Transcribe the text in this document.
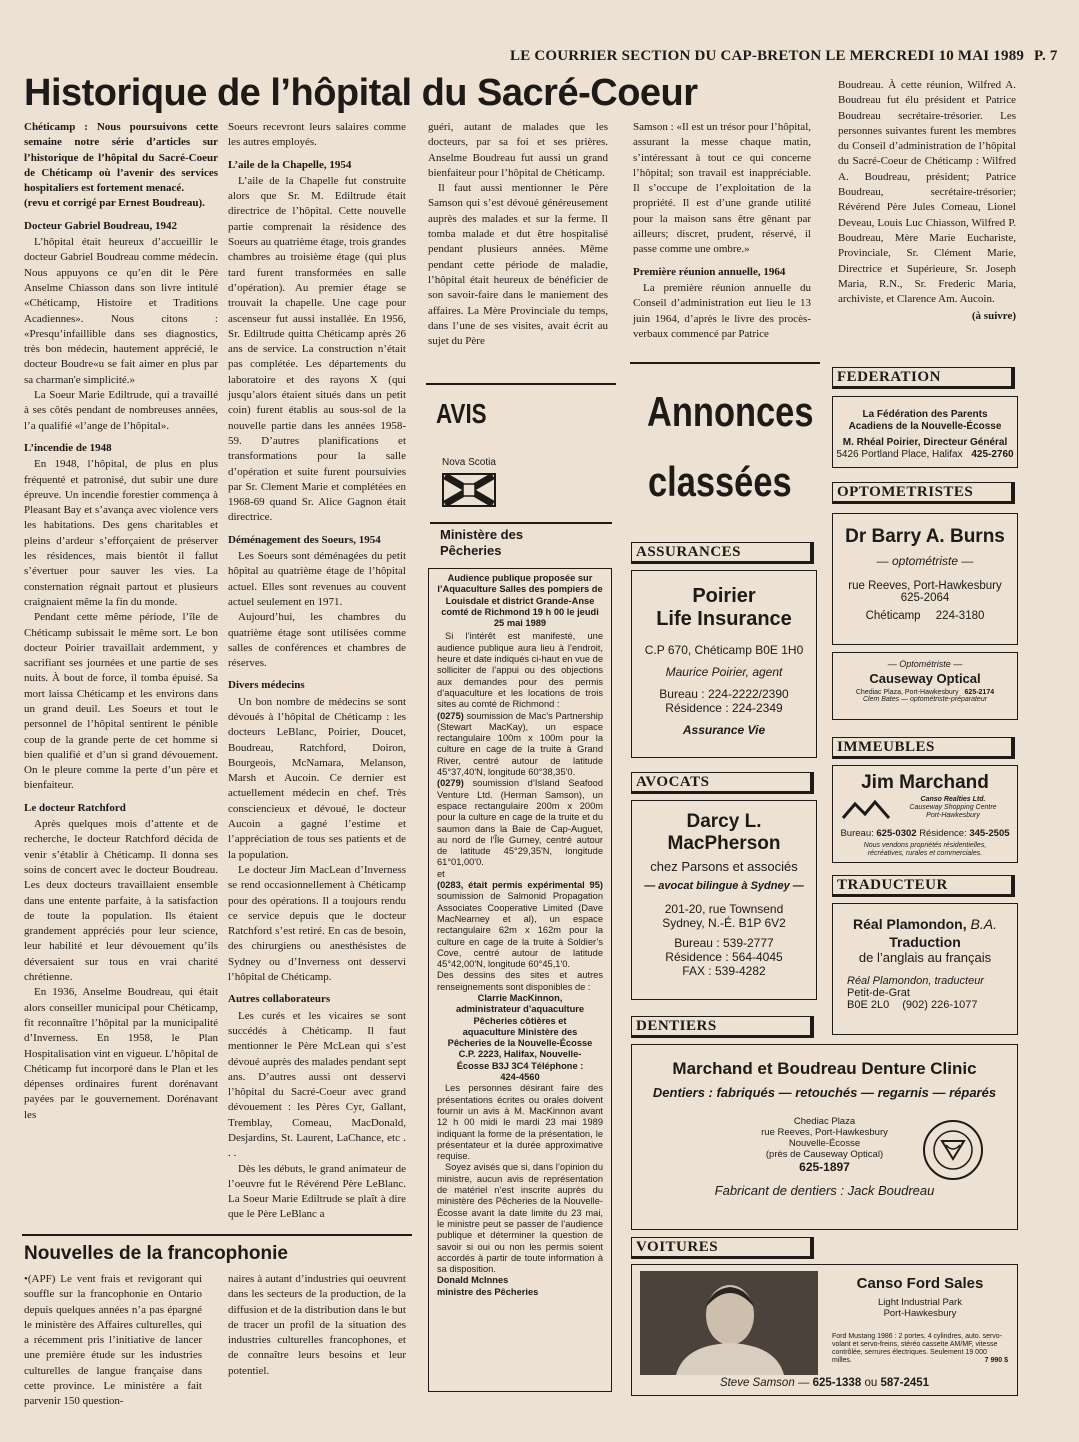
LE COURRIER SECTION DU CAP-BRETON LE MERCREDI 10 MAI 1989 P. 7
Historique de l’hôpital du Sacré-Coeur

Chéticamp : Nous poursuivons cette semaine notre série d’articles sur l’historique de l’hôpital du Sacré-Coeur de Chéticamp où l’avenir des services hospitaliers est fortement menacé.

(revu et corrigé par Ernest Boudreau).

Docteur Gabriel Boudreau, 1942

L’hôpital était heureux d’accueillir le docteur Gabriel Boudreau comme médecin. Nous appuyons ce qu’en dit le Père Anselme Chiasson dans son livre intitulé «Chéticamp, Histoire et Traditions Acadiennes». Nous citons : «Presqu’infaillible dans ses diagnostics, très bon médecin, hautement apprécié, le docteur Boudre«u se fait aimer en plus par sa charman'e simplicité.»

La Soeur Marie Ediltrude, qui a travaillé à ses côtés pendant de nombreuses années, l’a qualifié «l’ange de l’hôpital».

L’incendie de 1948

En 1948, l’hôpital, de plus en plus fréquenté et patronisé, dut subir une dure épreuve. Un incendie forestier commença à Pleasant Bay et s’avança avec violence vers les habitations. Des gens charitables et pleins d’ardeur s’efforçaient de préserver les résidences, mais bientôt il fallut s’évertuer pour sauver les vies. La consternation régnait partout et plusieurs craignaient même la fin du monde.

Pendant cette même période, l’île de Chéticamp subissait le même sort. Le bon docteur Poirier travaillait ardemment, y sacrifiant ses journées et une partie de ses nuits. À bout de force, il tomba épuisé. Sa mort laissa Chéticamp et les environs dans un grand deuil. Les Soeurs et tout le personnel de l’hôpital sentirent le pénible coup de la grande perte de cet homme si bien qualifié et d’un si grand dévouement. On le pleure comme la perte d’un père et bienfaiteur.

Le docteur Ratchford

Après quelques mois d’attente et de recherche, le docteur Ratchford décida de venir s’établir à Chéticamp. Il donna ses soins de concert avec le docteur Boudreau. Les deux docteurs travaillaient ensemble dans une entente parfaite, à la satisfaction de toute la population. Ils étaient grandement appréciés pour leur science, leur habilité et leur dévouement qu’ils déversaient sur tous en vrai charité chrétienne.

En 1936, Anselme Boudreau, qui était alors conseiller municipal pour Chéticamp, fit reconnaître l’hôpital par la municipalité d’Inverness. En 1958, le Plan Hospitalisation vint en vigueur. L’hôpital de Chéticamp fut incorporé dans le Plan et les dépenses ordinaires furent dorénavant payées par le gouvernement. Dorénavant les

Soeurs recevront leurs salaires comme les autres employés.

L’aile de la Chapelle, 1954

L’aile de la Chapelle fut construite alors que Sr. M. Ediltrude était directrice de l’hôpital. Cette nouvelle partie comprenait la résidence des Soeurs au quatrième étage, trois grandes chambres au troisième étage (qui plus tard furent transformées en salle d’opération). Au premier étage se trouvait la chapelle. Une cage pour ascenseur fut aussi installée. En 1956, Sr. Ediltrude quitta Chéticamp après 26 ans de service. La construction n’était pas complétée. Les départements du laboratoire et des rayons X (qui jusqu’alors étaient situés dans un petit coin) furent établis au sous-sol de la nouvelle partie dans les années 1958-59. D’autres planifications et transformations pour la salle d’opération et suite furent poursuivies par Sr. Clement Marie et complétées en 1968-69 quand Sr. Alice Gagnon était directrice.

Déménagement des Soeurs, 1954

Les Soeurs sont déménagées du petit hôpital au quatrième étage de l’hôpital actuel. Elles sont revenues au couvent actuel seulement en 1971.

Aujourd’hui, les chambres du quatrième étage sont utilisées comme salles de conférences et chambres de réserves.

Divers médecins

Un bon nombre de médecins se sont dévoués à l’hôpital de Chéticamp : les docteurs LeBlanc, Poirier, Doucet, Boudreau, Ratchford, Doiron, Bourgeois, McNamara, Melanson, Marsh et Aucoin. Ce dernier est actuellement médecin en chef. Très consciencieux et dévoué, le docteur Aucoin a gagné l’estime et l’appréciation de tous ses patients et de la population.

Le docteur Jim MacLean d’Inverness se rend occasionnellement à Chéticamp pour des opérations. Il a toujours rendu ce service depuis que le docteur Ratchford s’est retiré. En cas de besoin, des chirurgiens ou anesthésistes de Sydney ou d’Inverness ont desservi l’hôpital de Chéticamp.

Autres collaborateurs

Les curés et les vicaires se sont succédés à Chéticamp. Il faut mentionner le Père McLean qui s’est dévoué auprès des malades pendant sept ans. D’autres aussi ont desservi l’hôpital du Sacré-Coeur avec grand dévouement : les Pères Cyr, Gallant, Tremblay, Comeau, MacDonald, Desjardins, St. Laurent, LaChance, etc . . .

Dès les débuts, le grand animateur de l’oeuvre fut le Révérend Père LeBlanc. La Soeur Marie Ediltrude se plaît à dire que le Père LeBlanc a

guéri, autant de malades que les docteurs, par sa foi et ses prières. Anselme Boudreau fut aussi un grand bienfaiteur pour l’hôpital de Chéticamp.

Il faut aussi mentionner le Père Samson qui s’est dévoué généreusement auprès des malades et sur la ferme. Il tomba malade et dut être hospitalisé pendant plusieurs années. Même pendant cette période de maladie, l’hôpital était heureux de bénéficier de son savoir-faire dans le maniement des affaires. La Mère Provinciale du temps, dans l’une de ses visites, avait écrit au sujet du Père

Samson : «Il est un trésor pour l’hôpital, assurant la messe chaque matin, s’intéressant à tout ce qui concerne l’hôpital; son travail est inappréciable. Il s’occupe de l’exploitation de la propriété. Il est d’une grande utilité pour la maison sans être gênant par ailleurs; discret, prudent, réservé, il passe comme une ombre.»

Première réunion annuelle, 1964

La première réunion annuelle du Conseil d’administration eut lieu le 13 juin 1964, d’après le livre des procès-verbaux commencé par Patrice

Boudreau. À cette réunion, Wilfred A. Boudreau fut élu président et Patrice Boudreau secrétaire-trésorier. Les personnes suivantes furent les membres du Conseil d’administration de l’hôpital du Sacré-Coeur de Chéticamp : Wilfred A. Boudreau, président; Patrice Boudreau, secrétaire-trésorier; Révérend Père Jules Comeau, Lionel Deveau, Louis Luc Chiasson, Wilfred P. Boudreau, Mère Marie Euchariste, Provinciale, Sr. Clément Marie, Directrice et Supérieure, Sr. Joseph Maria, R.N., Sr. Frederic Maria, archiviste, et Clarence Am. Aucoin.

(à suivre)

Nouvelles de la francophonie

•(APF) Le vent frais et revigorant qui souffle sur la francophonie en Ontario depuis quelques années n’a pas épargné le ministère des Affaires culturelles, qui a récemment pris l’initiative de lancer une première étude sur les industries culturelles de langue française dans cette province. Le ministère a fait parvenir 150 question-

naires à autant d’industries qui oeuvrent dans les secteurs de la production, de la diffusion et de la distribution dans le but de tracer un profil de la situation des industries culturelles francophones, et de connaître leurs besoins et leur potentiel.

AVIS
Nova Scotia
Ministère des Pêcheries
Audience publique proposée sur l’Aquaculture Salles des pompiers de Louisdale et district Grande-Anse comté de Richmond 19 h 00 le jeudi 25 mai 1989
Si l’intérêt est manifesté, une audience publique aura lieu à l’endroit, heure et date indiqués ci-haut en vue de solliciter de l’appui ou des objections aux demandes pour des permis d’aquaculture et les locations de trois sites au comté de Richmond :
(0275) soumission de Mac’s Partnership (Stewart MacKay), un espace rectangulaire 100m x 100m pour la culture en cage de la truite à Grand River, centré autour de latitude 45°37,40'N, longitude 60°38,35'0.
(0279) soumission d’Island Seafood Venture Ltd. (Herman Samson), un espace rectangulaire 200m x 200m pour la culture en cage de la truite et du saumon dans la Baie de Cap-Auguet, au nord de l’Île Gurney, centré autour de latitude 45°29,35'N, longitude 61°01,00'0.
et
(0283, était permis expérimental 95) soumission de Salmonid Propagation Associates Cooperative Limited (Dave MacNearney et al), un espace rectangulaire 62m x 162m pour la culture en cage de la truite à Soldier’s Cove, centré autour de latitude 45°42,00'N, longitude 60°45,1'0.
Des dessins des sites et autres renseignements sont disponibles de :
Clarrie MacKinnon, administrateur d’aquaculture Pêcheries côtières et aquaculture Ministère des Pêcheries de la Nouvelle-Écosse C.P. 2223, Halifax, Nouvelle-Écosse B3J 3C4 Téléphone : 424-4560
Les personnes désirant faire des présentations écrites ou orales doivent fournir un avis à M. MacKinnon avant 12 h 00 midi le mardi 23 mai 1989 indiquant la forme de la présentation, le présentateur et la durée approximative requise.
Soyez avisés que si, dans l’opinion du ministre, aucun avis de représentation de matériel n’est inscrite auprès du ministère des Pêcheries de la Nouvelle-Écosse avant la date limite du 23 mai, le ministre peut se passer de l’audience publique et déterminer la question de savoir si oui ou non les permis soient accordés à partir de toute information à sa disposition.
Donald McInnes
ministre des Pêcheries
Annonces
classées
FEDERATION
La Fédération des Parents Acadiens de la Nouvelle-Écosse
M. Rhéal Poirier, Directeur Général
5426 Portland Place, Halifax 425-2760
OPTOMETRISTES
Dr Barry A. Burns
— optométriste —
rue Reeves, Port-Hawkesbury
625-2064
Chéticamp 224-3180
— Optométriste —
Causeway Optical
Chediac Plaza, Port-Hawkesbury 625-2174
Clem Bates — optométriste-préparateur
ASSURANCES
Poirier
Life Insurance
C.P 670, Chéticamp B0E 1H0
Maurice Poirier, agent
Bureau : 224-2222/2390
Résidence : 224-2349
Assurance Vie
IMMEUBLES
Jim Marchand
Canso Realties Ltd.
Causeway Shopping Centre
Port-Hawkesbury
Bureau: 625-0302 Résidence: 345-2505
Nous vendons propriétés résidentielles, récréatives, rurales et commerciales.
AVOCATS
Darcy L.
MacPherson
chez Parsons et associés
— avocat bilingue à Sydney —
201-20, rue Townsend
Sydney, N.-É. B1P 6V2
Bureau : 539-2777
Résidence : 564-4045
FAX : 539-4282
TRADUCTEUR
Réal Plamondon, B.A.
Traduction
de l’anglais au français
Réal Plamondon, traducteur
Petit-de-Grat
B0E 2L0 (902) 226-1077
DENTIERS
Marchand et Boudreau Denture Clinic
Dentiers : fabriqués — retouchés — regarnis — réparés
Chediac Plaza
rue Reeves, Port-Hawkesbury
Nouvelle-Écosse
(près de Causeway Optical)
625-1897
Fabricant de dentiers : Jack Boudreau
VOITURES
Canso Ford Sales
Light Industrial Park
Port-Hawkesbury
Ford Mustang 1986 : 2 portes, 4 cylindres, auto. servo-volant et servo-freins, stéréo cassette AM/MF, vitesse contrôlée, serrures électriques. Seulement 19 000 milles.	7 990 $
Steve Samson — 625-1338 ou 587-2451
